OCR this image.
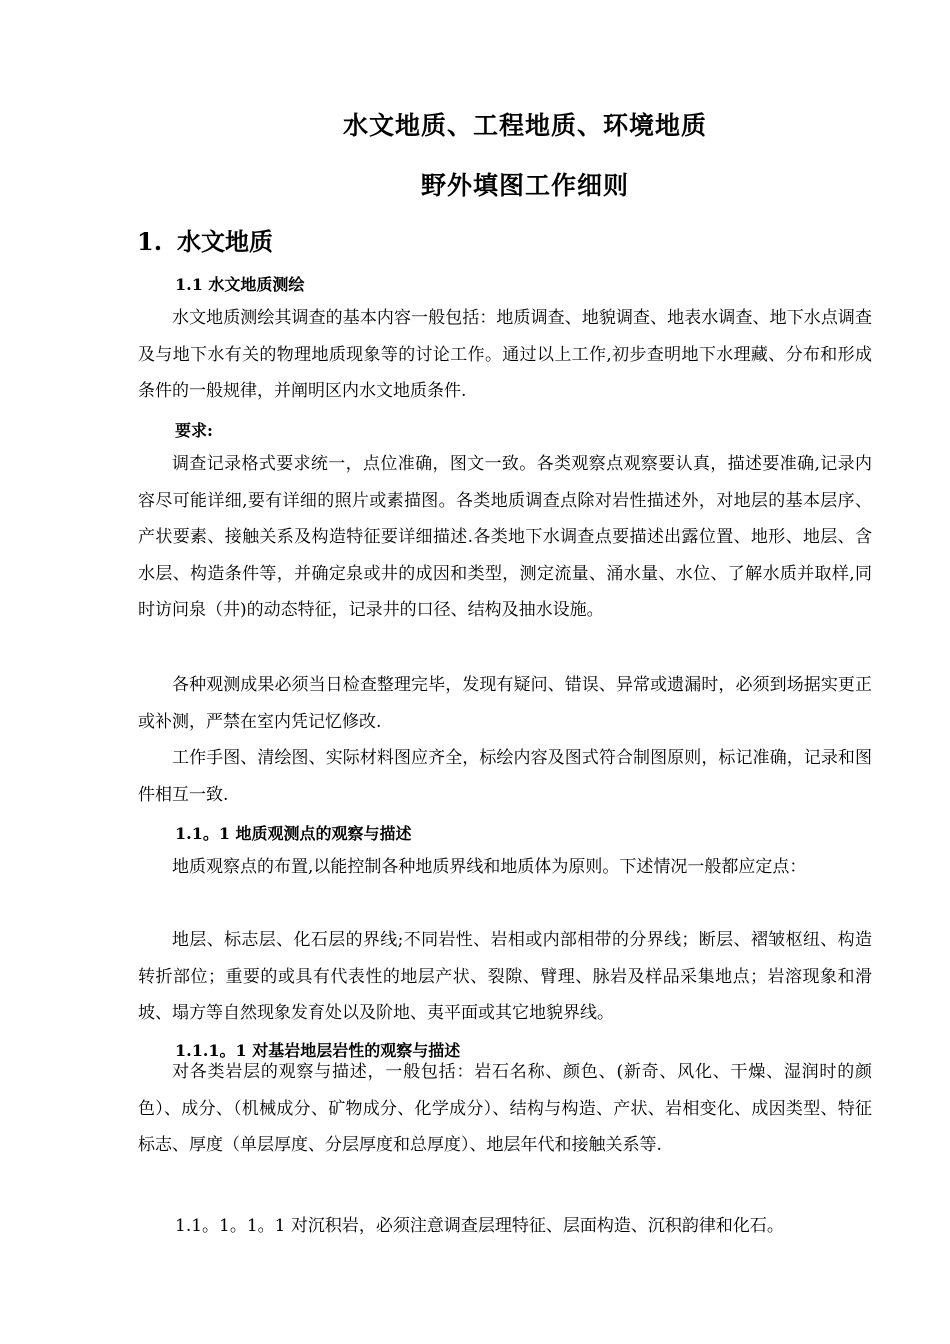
水文地质、工程地质、环境地质
野外填图工作细则
1. 水文地质
1.1 水文地质测绘

水文地质测绘其调查的基本内容一般包括：地质调查、地貌调查、地表水调查、地下水点调查及与地下水有关的物理地质现象等的讨论工作。通过以上工作,初步查明地下水理藏、分布和形成条件的一般规律，并阐明区内水文地质条件.

要求:

调查记录格式要求统一，点位准确，图文一致。各类观察点观察要认真，描述要准确,记录内容尽可能详细,要有详细的照片或素描图。各类地质调查点除对岩性描述外，对地层的基本层序、产状要素、接触关系及构造特征要详细描述.各类地下水调查点要描述出露位置、地形、地层、含水层、构造条件等，并确定泉或井的成因和类型，测定流量、涌水量、水位、了解水质并取样,同时访问泉（井)的动态特征，记录井的口径、结构及抽水设施。

各种观测成果必须当日检查整理完毕，发现有疑问、错误、异常或遗漏时，必须到场据实更正或补测，严禁在室内凭记忆修改.

工作手图、清绘图、实际材料图应齐全，标绘内容及图式符合制图原则，标记准确，记录和图件相互一致.

1.1。1 地质观测点的观察与描述

地质观察点的布置,以能控制各种地质界线和地质体为原则。下述情况一般都应定点：

地层、标志层、化石层的界线;不同岩性、岩相或内部相带的分界线；断层、褶皱枢纽、构造转折部位；重要的或具有代表性的地层产状、裂隙、臂理、脉岩及样品采集地点；岩溶现象和滑坡、塌方等自然现象发育处以及阶地、夷平面或其它地貌界线。

1.1.1。1 对基岩地层岩性的观察与描述

对各类岩层的观察与描述，一般包括：岩石名称、颜色、(新奇、风化、干燥、湿润时的颜色）、成分、（机械成分、矿物成分、化学成分）、结构与构造、产状、岩相变化、成因类型、特征标志、厚度（单层厚度、分层厚度和总厚度）、地层年代和接触关系等.

1.1。1。1。1 对沉积岩，必须注意调查层理特征、层面构造、沉积韵律和化石。
